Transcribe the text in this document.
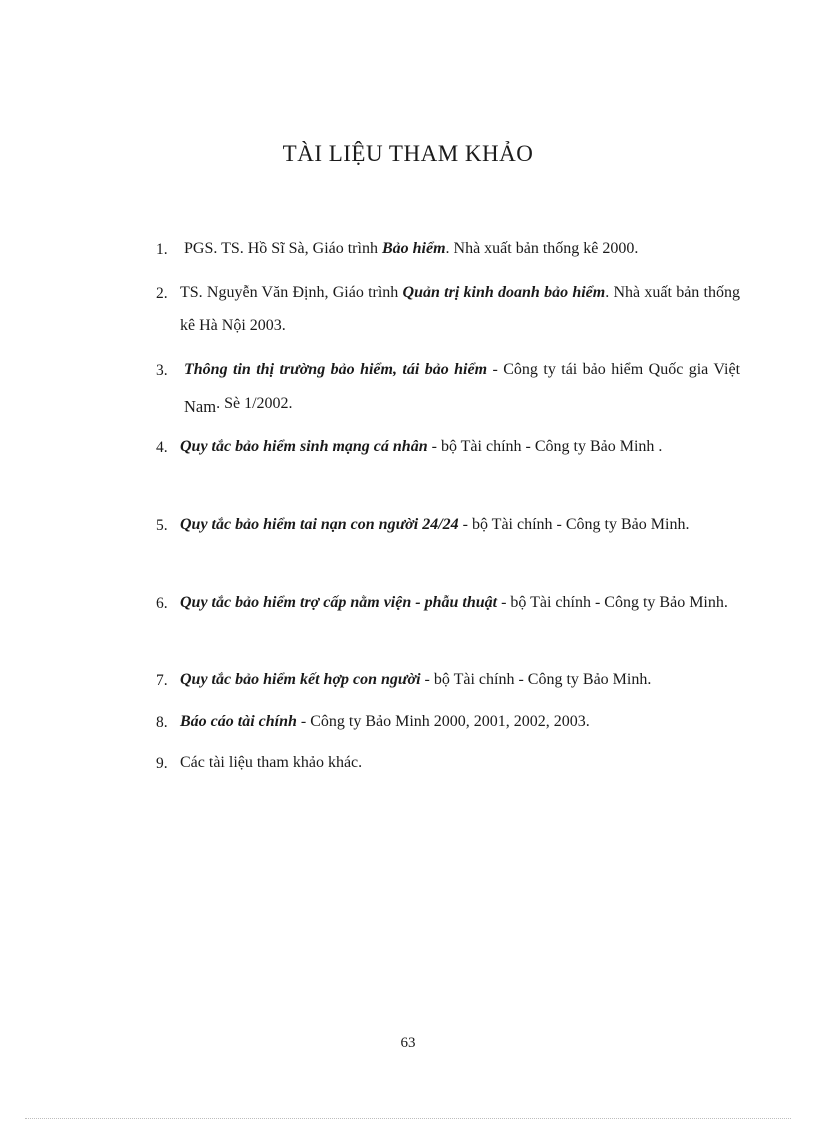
TÀI LIỆU THAM KHẢO
1.	PGS. TS. Hồ Sĩ Sà, Giáo trình Bảo hiểm. Nhà xuất bản thống kê 2000.
2. TS. Nguyễn Văn Định, Giáo trình Quản trị kinh doanh bảo hiểm. Nhà xuất bản thống kê Hà Nội 2003.
3.	Thông tin thị trường bảo hiểm, tái bảo hiểm - Công ty tái bảo hiểm Quốc gia Việt Nam. Sè 1/2002.
4. Quy tắc bảo hiểm sinh mạng cá nhân - bộ Tài chính - Công ty Bảo Minh .
5. Quy tắc bảo hiểm tai nạn con người 24/24 - bộ Tài chính - Công ty Bảo Minh.
6. Quy tắc bảo hiểm trợ cấp nằm viện - phẫu thuật - bộ Tài chính - Công ty Bảo Minh.
7. Quy tắc bảo hiểm kết hợp con người - bộ Tài chính - Công ty Bảo Minh.
8. Báo cáo tài chính - Công ty Bảo Minh 2000, 2001, 2002, 2003.
9. Các tài liệu tham khảo khác.
63
